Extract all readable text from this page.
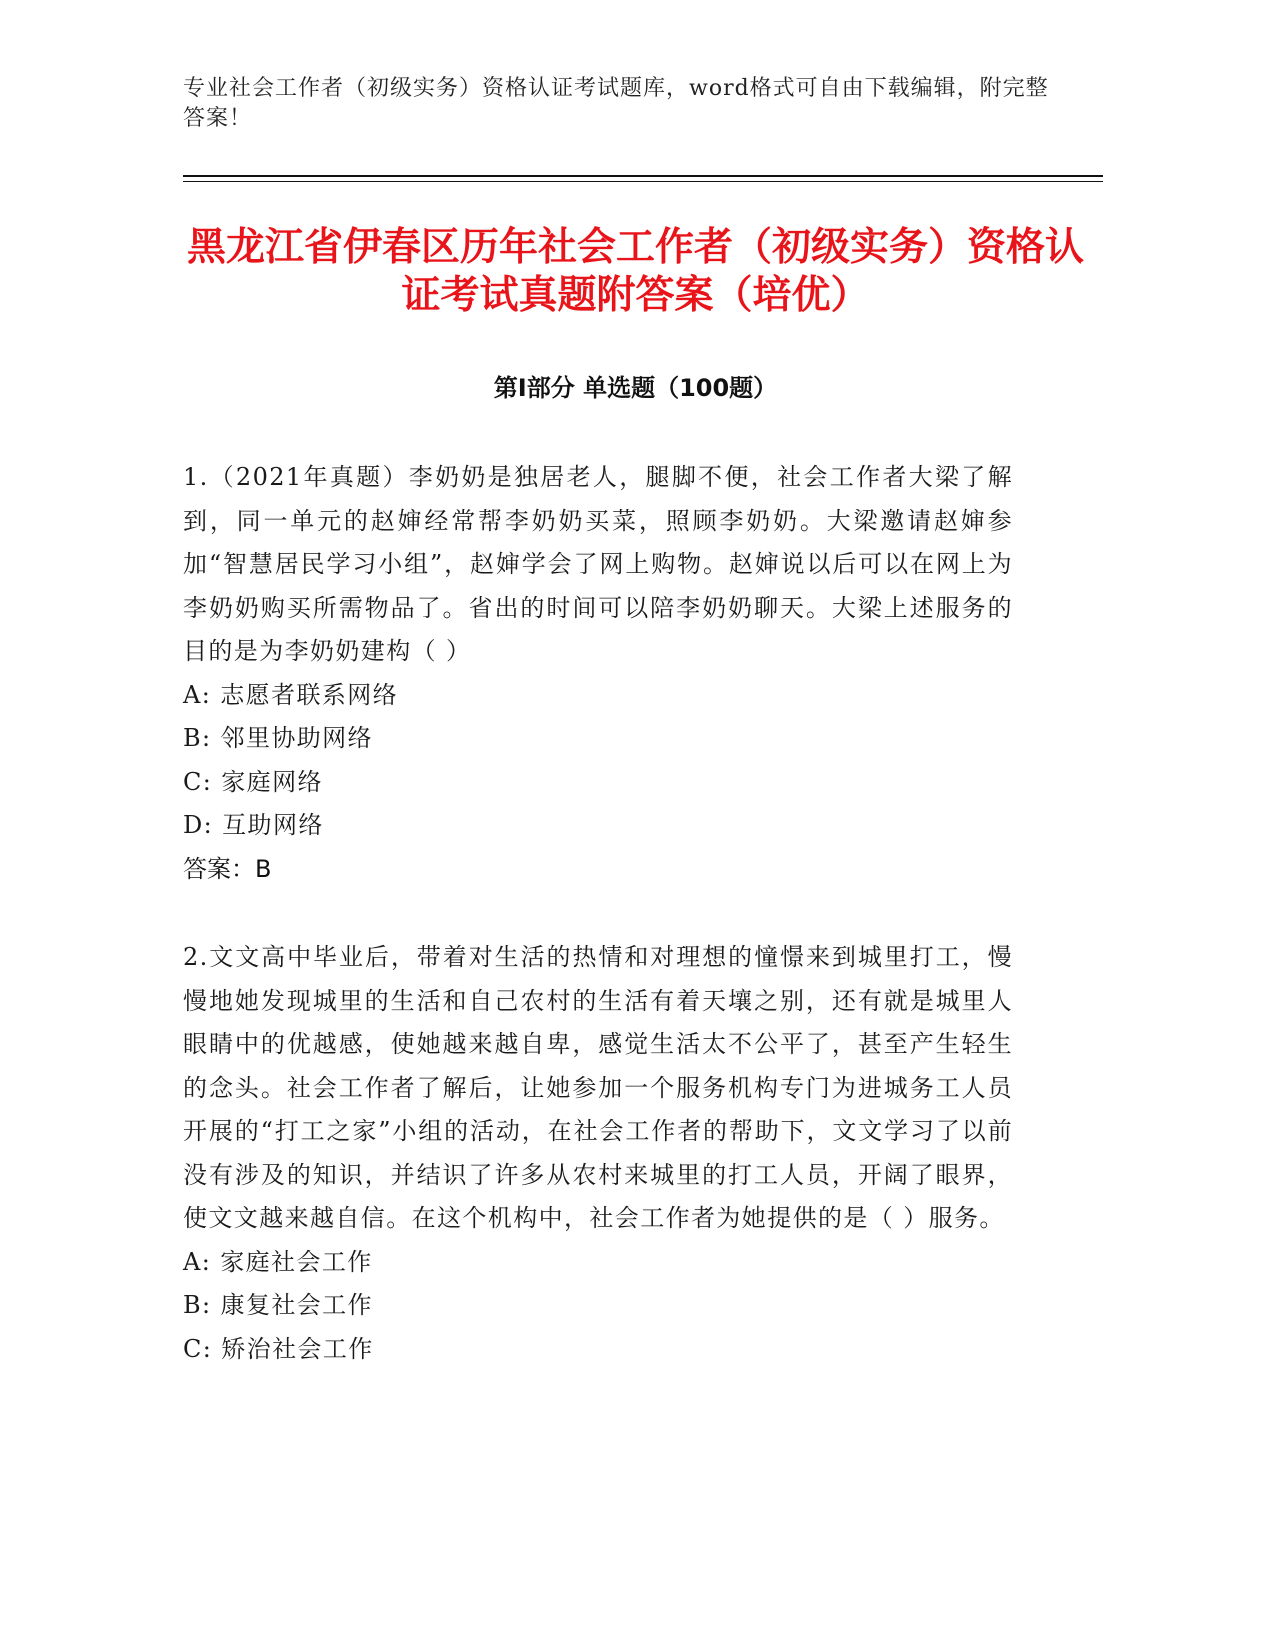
专业社会工作者（初级实务）资格认证考试题库，word格式可自由下载编辑，附完整答案！
黑龙江省伊春区历年社会工作者（初级实务）资格认证考试真题附答案（培优）
第Ⅰ部分 单选题（100题）
1.（2021年真题）李奶奶是独居老人，腿脚不便，社会工作者大梁了解到，同一单元的赵婶经常帮李奶奶买菜，照顾李奶奶。大梁邀请赵婶参加“智慧居民学习小组”，赵婶学会了网上购物。赵婶说以后可以在网上为李奶奶购买所需物品了。省出的时间可以陪李奶奶聊天。大梁上述服务的目的是为李奶奶建构（ ）
A: 志愿者联系网络
B: 邻里协助网络
C: 家庭网络
D: 互助网络
答案：B
2.文文高中毕业后，带着对生活的热情和对理想的憧憬来到城里打工，慢慢地她发现城里的生活和自己农村的生活有着天壤之别，还有就是城里人眼睛中的优越感，使她越来越自卑，感觉生活太不公平了，甚至产生轻生的念头。社会工作者了解后，让她参加一个服务机构专门为进城务工人员开展的“打工之家”小组的活动，在社会工作者的帮助下，文文学习了以前没有涉及的知识，并结识了许多从农村来城里的打工人员，开阔了眼界，使文文越来越自信。在这个机构中，社会工作者为她提供的是（ ）服务。
A: 家庭社会工作
B: 康复社会工作
C: 矫治社会工作
